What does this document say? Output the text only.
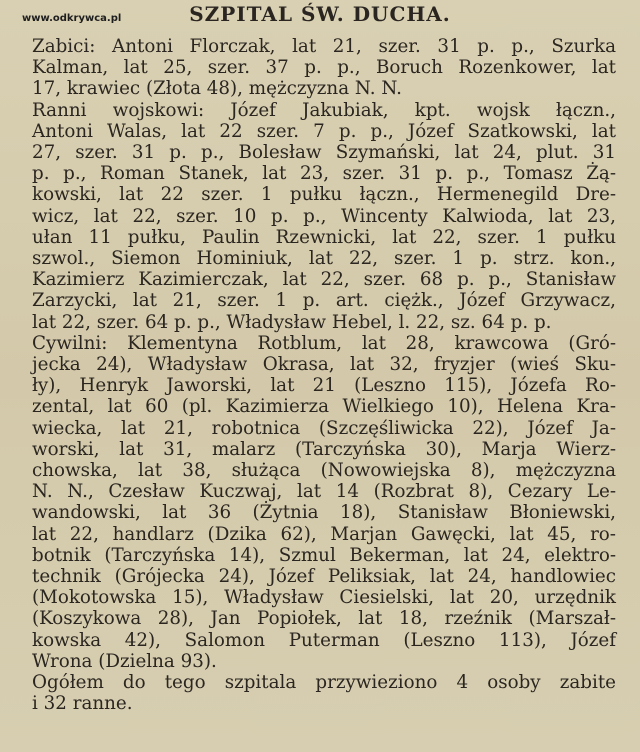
www.odkrywca.pl	SZPITAL ŚW. DUCHA.

Zabici: Antoni Florczak, lat 21, szer. 31 p. p., Szurka
Kalman, lat 25, szer. 37 p. p., Boruch Rozenkower, lat
17, krawiec (Złota 48), mężczyzna N. N.

Ranni wojskowi: Józef Jakubiak, kpt. wojsk łączn.,
Antoni Walas, lat 22 szer. 7 p. p., Józef Szatkowski, lat
27, szer. 31 p. p., Bolesław Szymański, lat 24, plut. 31
p. p., Roman Stanek, lat 23, szer. 31 p. p., Tomasz Żą-
kowski, lat 22 szer. 1 pułku łączn., Hermenegild Dre-
wicz, lat 22, szer. 10 p. p., Wincenty Kalwioda, lat 23,
ułan 11 pułku, Paulin Rzewnicki, lat 22, szer. 1 pułku
szwol., Siemon Hominiuk, lat 22, szer. 1 p. strz. kon.,
Kazimierz Kazimierczak, lat 22, szer. 68 p. p., Stanisław
Zarzycki, lat 21, szer. 1 p. art. ciężk., Józef Grzywacz,
lat 22, szer. 64 p. p., Władysław Hebel, l. 22, sz. 64 p. p.

Cywilni: Klementyna Rotblum, lat 28, krawcowa (Gró-
jecka 24), Władysław Okrasa, lat 32, fryzjer (wieś Sku-
ły), Henryk Jaworski, lat 21 (Leszno 115), Józefa Ro-
zental, lat 60 (pl. Kazimierza Wielkiego 10), Helena Kra-
wiecka, lat 21, robotnica (Szczęśliwicka 22), Józef Ja-
worski, lat 31, malarz (Tarczyńska 30), Marja Wierz-
chowska, lat 38, służąca (Nowowiejska 8), mężczyzna
N. N., Czesław Kuczwaj, lat 14 (Rozbrat 8), Cezary Le-
wandowski, lat 36 (Żytnia 18), Stanisław Błoniewski,
lat 22, handlarz (Dzika 62), Marjan Gawęcki, lat 45, ro-
botnik (Tarczyńska 14), Szmul Bekerman, lat 24, elektro-
technik (Grójecka 24), Józef Peliksiak, lat 24, handlowiec
(Mokotowska 15), Władysław Ciesielski, lat 20, urzędnik
(Koszykowa 28), Jan Popiołek, lat 18, rzeźnik (Marszał-
kowska 42), Salomon Puterman (Leszno 113), Józef
Wrona (Dzielna 93).

Ogółem do tego szpitala przywieziono 4 osoby zabite
i 32 ranne.
